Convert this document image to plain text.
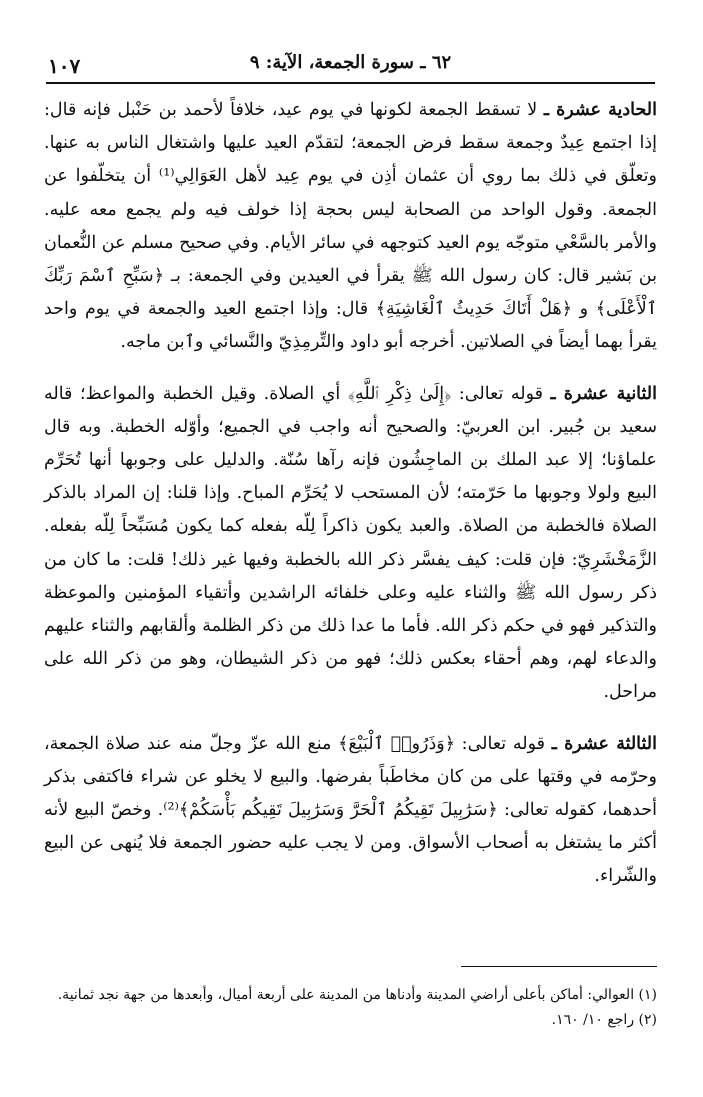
٦٢ ـ سورة الجمعة، الآية: ٩
١٠٧

الحادية عشرة ـ لا تسقط الجمعة لكونها في يوم عيد، خلافاً لأحمد بن حَنْبل فإنه قال: إذا اجتمع عِيدٌ وجمعة سقط فرض الجمعة؛ لتقدّم العيد عليها واشتغال الناس به عنها. وتعلّق في ذلك بما روي أن عثمان أذِن في يوم عِيد لأهل العَوَالِي⁽¹⁾ أن يتخلّفوا عن الجمعة. وقول الواحد من الصحابة ليس بحجة إذا خولف فيه ولم يجمع معه عليه. والأمر بالسَّعْي متوجّه يوم العيد كتوجهه في سائر الأيام. وفي صحيح مسلم عن النُّعمان بن بَشير قال: كان رسول الله ﷺ يقرأ في العيدين وفي الجمعة: بـ ﴿سَبِّحِ ٱسْمَ رَبِّكَ ٱلْأَعْلَى﴾ و ﴿هَلْ أَتَاكَ حَدِيثُ ٱلْغَاشِيَةِ﴾ قال: وإذا اجتمع العيد والجمعة في يوم واحد يقرأ بهما أيضاً في الصلاتين. أخرجه أبو داود والتِّرمِذِيّ والنَّسائي وٱبن ماجه.

الثانية عشرة ـ قوله تعالى: ﴿إِلَىٰ ذِكْرِ ٱللَّهِ﴾ أي الصلاة. وقيل الخطبة والمواعظ؛ قاله سعيد بن جُبير. ابن العربيّ: والصحيح أنه واجب في الجميع؛ وأوّله الخطبة. وبه قال علماؤنا؛ إلا عبد الملك بن الماجِشُون فإنه رآها سُنّة. والدليل على وجوبها أنها تُحَرِّم البيع ولولا وجوبها ما حَرّمته؛ لأن المستحب لا يُحَرِّم المباح. وإذا قلنا: إن المراد بالذكر الصلاة فالخطبة من الصلاة. والعبد يكون ذاكراً لِلّه بفعله كما يكون مُسَبِّحاً لِلّه بفعله. الزَّمَخْشَرِيّ: فإن قلت: كيف يفسَّر ذكر الله بالخطبة وفيها غير ذلك! قلت: ما كان من ذكر رسول الله ﷺ والثناء عليه وعلى خلفائه الراشدين وأتقياء المؤمنين والموعظة والتذكير فهو في حكم ذكر الله. فأما ما عدا ذلك من ذكر الظلمة وألقابهم والثناء عليهم والدعاء لهم، وهم أحقاء بعكس ذلك؛ فهو من ذكر الشيطان، وهو من ذكر الله على مراحل.

الثالثة عشرة ـ قوله تعالى: ﴿وَذَرُوا۟ ٱلْبَيْعَ﴾ منع الله عزّ وجلّ منه عند صلاة الجمعة، وحرّمه في وقتها على من كان مخاطَباً بفرضها. والبيع لا يخلو عن شراء فاكتفى بذكر أحدهما، كقوله تعالى: ﴿سَرَٰبِيلَ تَقِيكُمُ ٱلْحَرَّ وَسَرَٰبِيلَ تَقِيكُم بَأْسَكُمْ﴾⁽²⁾. وخصّ البيع لأنه أكثر ما يشتغل به أصحاب الأسواق. ومن لا يجب عليه حضور الجمعة فلا يُنهى عن البيع والشّراء.

(١) العوالي: أماكن بأعلى أراضي المدينة وأدناها من المدينة على أربعة أميال، وأبعدها من جهة نجد ثمانية.

(٢) راجع ١٠/ ١٦٠.
